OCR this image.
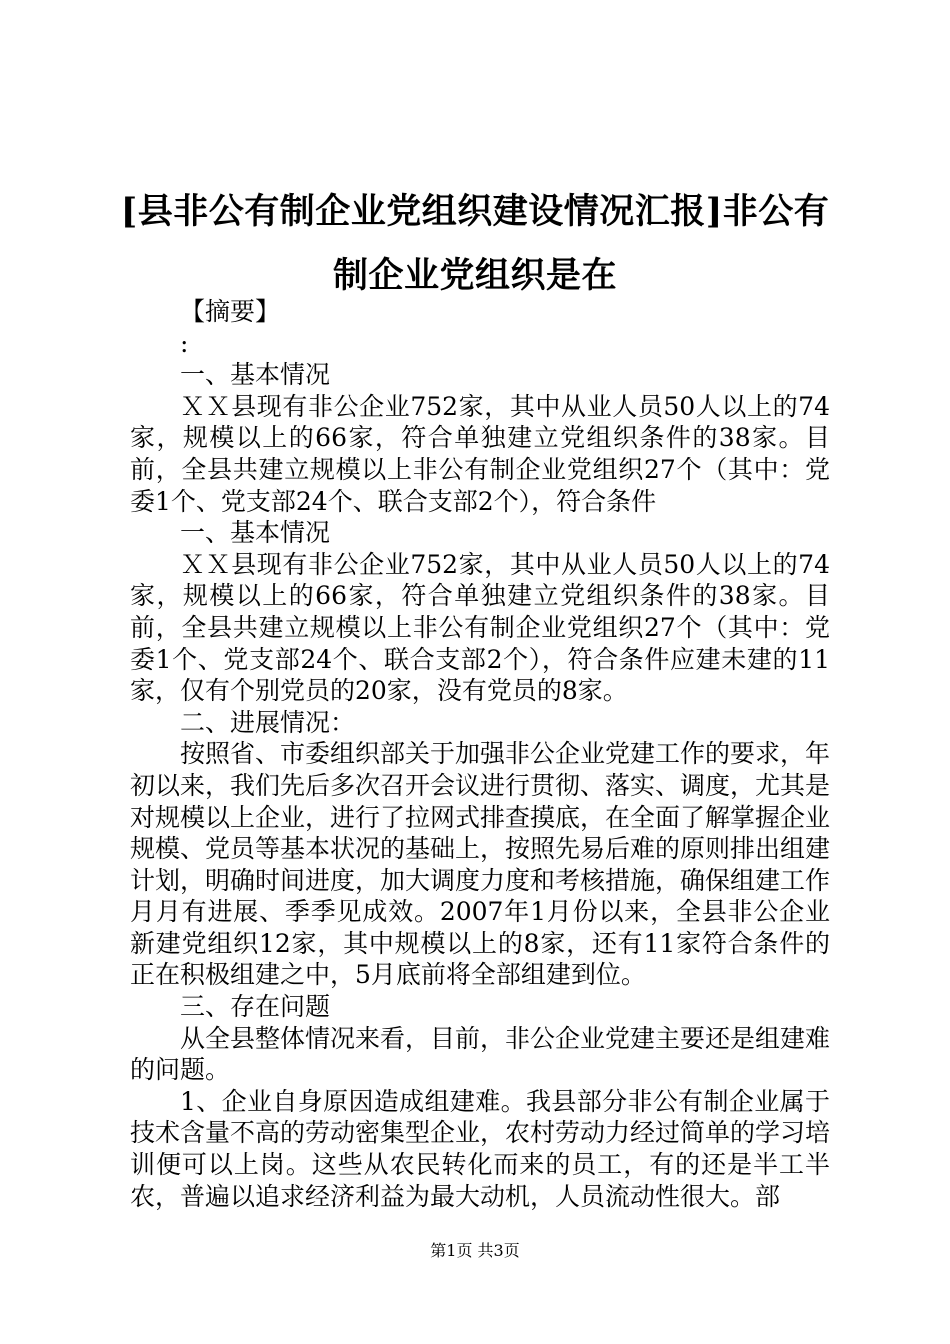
[县非公有制企业党组织建设情况汇报]非公有
制企业党组织是在

【摘要】

:

一、基本情况

ＸＸ县现有非公企业752家，其中从业人员50人以上的74家，规模以上的66家，符合单独建立党组织条件的38家。目前，全县共建立规模以上非公有制企业党组织27个（其中：党委1个、党支部24个、联合支部2个），符合条件

一、基本情况

ＸＸ县现有非公企业752家，其中从业人员50人以上的74家，规模以上的66家，符合单独建立党组织条件的38家。目前，全县共建立规模以上非公有制企业党组织27个（其中：党委1个、党支部24个、联合支部2个），符合条件应建未建的11家，仅有个别党员的20家，没有党员的8家。

二、进展情况：

按照省、市委组织部关于加强非公企业党建工作的要求，年初以来，我们先后多次召开会议进行贯彻、落实、调度，尤其是对规模以上企业，进行了拉网式排查摸底，在全面了解掌握企业规模、党员等基本状况的基础上，按照先易后难的原则排出组建计划，明确时间进度，加大调度力度和考核措施，确保组建工作月月有进展、季季见成效。2007年1月份以来，全县非公企业新建党组织12家，其中规模以上的8家，还有11家符合条件的正在积极组建之中，5月底前将全部组建到位。

三、存在问题

从全县整体情况来看，目前，非公企业党建主要还是组建难的问题。

1、企业自身原因造成组建难。我县部分非公有制企业属于技术含量不高的劳动密集型企业，农村劳动力经过简单的学习培训便可以上岗。这些从农民转化而来的员工，有的还是半工半农，普遍以追求经济利益为最大动机，人员流动性很大。部

第1页 共3页
